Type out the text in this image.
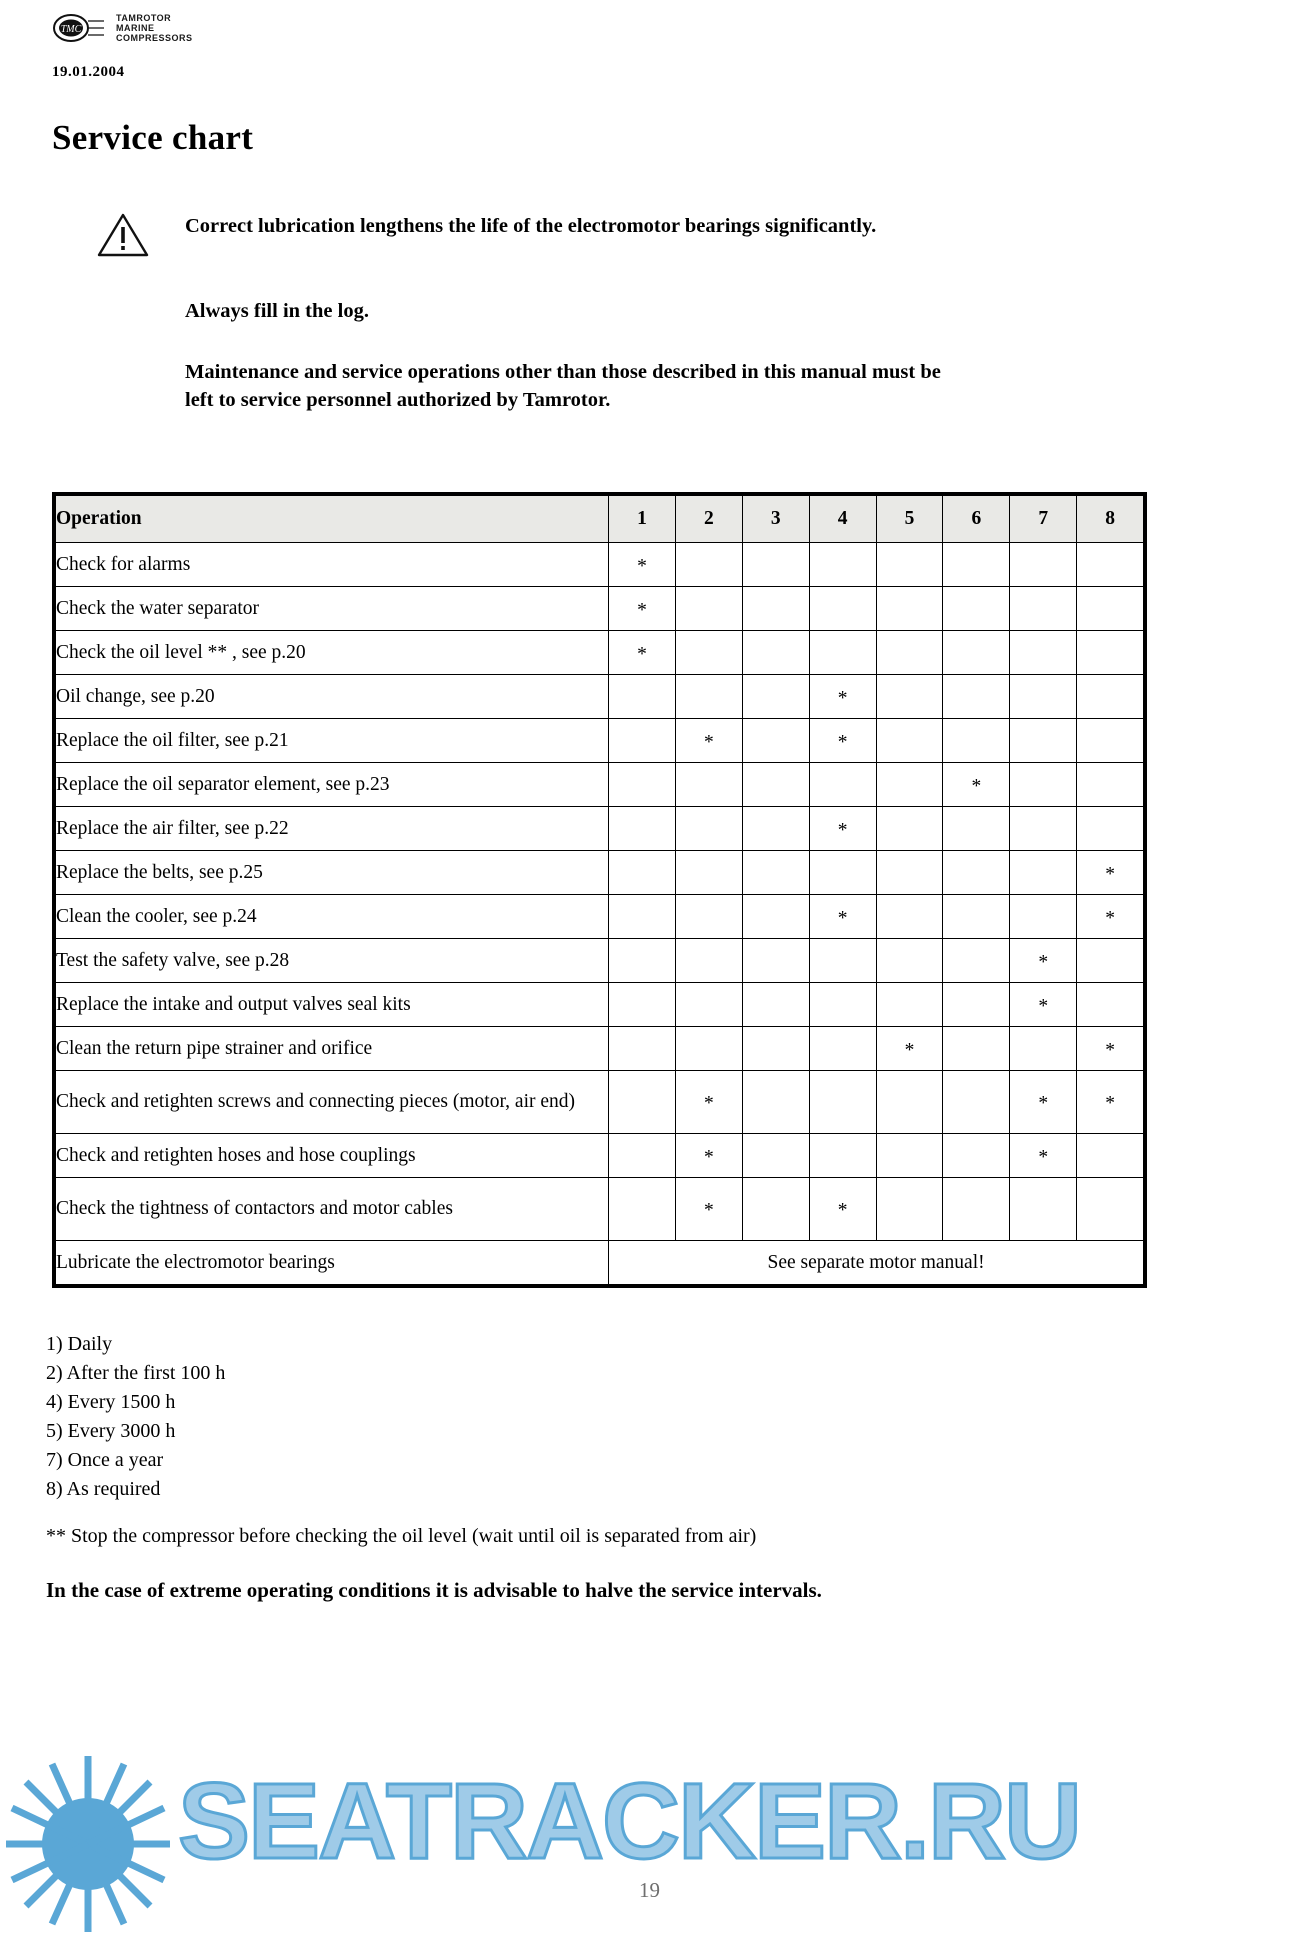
TMC
TAMROTOR
MARINE
COMPRESSORS
19.01.2004
Service chart
Correct lubrication lengthens the life of the electromotor bearings significantly.
Always fill in the log.
Maintenance and service operations other than those described in this manual must be left to service personnel authorized by Tamrotor.
Operation	1	2	3	4	5	6	7	8
Check for alarms	*							
Check the water separator	*							
Check the oil level ** , see p.20	*							
Oil change, see p.20				*				
Replace the oil filter, see p.21		*		*				
Replace the oil separator element, see p.23						*		
Replace the air filter, see p.22				*				
Replace the belts, see p.25								*
Clean the cooler, see p.24				*				*
Test the safety valve, see p.28							*	
Replace the intake and output valves seal kits							*	
Clean the return pipe strainer and orifice					*			*
Check and retighten screws and connecting pieces (motor, air end)		*					*	*
Check and retighten hoses and hose couplings		*					*	
Check the tightness of contactors and motor cables		*		*				
Lubricate the electromotor bearings	See separate motor manual!							
1) Daily
2) After the first 100 h
4) Every 1500 h
5) Every 3000 h
7) Once a year
8) As required
** Stop the compressor before checking the oil level (wait until oil is separated from air)
In the case of extreme operating conditions it is advisable to halve the service intervals.
19
SEATRACKER.RU
